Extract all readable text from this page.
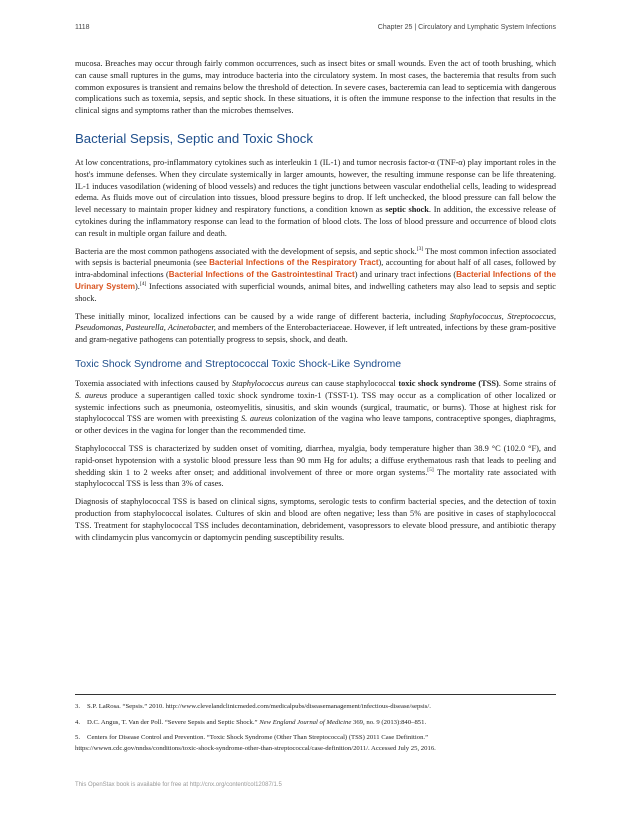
1118	Chapter 25 | Circulatory and Lymphatic System Infections

mucosa. Breaches may occur through fairly common occurrences, such as insect bites or small wounds. Even the act of tooth brushing, which can cause small ruptures in the gums, may introduce bacteria into the circulatory system. In most cases, the bacteremia that results from such common exposures is transient and remains below the threshold of detection. In severe cases, bacteremia can lead to septicemia with dangerous complications such as toxemia, sepsis, and septic shock. In these situations, it is often the immune response to the infection that results in the clinical signs and symptoms rather than the microbes themselves.

Bacterial Sepsis, Septic and Toxic Shock

At low concentrations, pro-inflammatory cytokines such as interleukin 1 (IL-1) and tumor necrosis factor-α (TNF-α) play important roles in the host's immune defenses. When they circulate systemically in larger amounts, however, the resulting immune response can be life threatening. IL-1 induces vasodilation (widening of blood vessels) and reduces the tight junctions between vascular endothelial cells, leading to widespread edema. As fluids move out of circulation into tissues, blood pressure begins to drop. If left unchecked, the blood pressure can fall below the level necessary to maintain proper kidney and respiratory functions, a condition known as septic shock. In addition, the excessive release of cytokines during the inflammatory response can lead to the formation of blood clots. The loss of blood pressure and occurrence of blood clots can result in multiple organ failure and death.

Bacteria are the most common pathogens associated with the development of sepsis, and septic shock.[3] The most common infection associated with sepsis is bacterial pneumonia (see Bacterial Infections of the Respiratory Tract), accounting for about half of all cases, followed by intra-abdominal infections (Bacterial Infections of the Gastrointestinal Tract) and urinary tract infections (Bacterial Infections of the Urinary System).[4] Infections associated with superficial wounds, animal bites, and indwelling catheters may also lead to sepsis and septic shock.

These initially minor, localized infections can be caused by a wide range of different bacteria, including Staphylococcus, Streptococcus, Pseudomonas, Pasteurella, Acinetobacter, and members of the Enterobacteriaceae. However, if left untreated, infections by these gram-positive and gram-negative pathogens can potentially progress to sepsis, shock, and death.

Toxic Shock Syndrome and Streptococcal Toxic Shock-Like Syndrome

Toxemia associated with infections caused by Staphylococcus aureus can cause staphylococcal toxic shock syndrome (TSS). Some strains of S. aureus produce a superantigen called toxic shock syndrome toxin-1 (TSST-1). TSS may occur as a complication of other localized or systemic infections such as pneumonia, osteomyelitis, sinusitis, and skin wounds (surgical, traumatic, or burns). Those at highest risk for staphylococcal TSS are women with preexisting S. aureus colonization of the vagina who leave tampons, contraceptive sponges, diaphragms, or other devices in the vagina for longer than the recommended time.

Staphylococcal TSS is characterized by sudden onset of vomiting, diarrhea, myalgia, body temperature higher than 38.9 °C (102.0 °F), and rapid-onset hypotension with a systolic blood pressure less than 90 mm Hg for adults; a diffuse erythematous rash that leads to peeling and shedding skin 1 to 2 weeks after onset; and additional involvement of three or more organ systems.[5] The mortality rate associated with staphylococcal TSS is less than 3% of cases.

Diagnosis of staphylococcal TSS is based on clinical signs, symptoms, serologic tests to confirm bacterial species, and the detection of toxin production from staphylococcal isolates. Cultures of skin and blood are often negative; less than 5% are positive in cases of staphylococcal TSS. Treatment for staphylococcal TSS includes decontamination, debridement, vasopressors to elevate blood pressure, and antibiotic therapy with clindamycin plus vancomycin or daptomycin pending susceptibility results.

3. S.P. LaRosa. “Sepsis.” 2010. http://www.clevelandclinicmeded.com/medicalpubs/diseasemanagement/infectious-disease/sepsis/.
4. D.C. Angus, T. Van der Poll. “Severe Sepsis and Septic Shock.” New England Journal of Medicine 369, no. 9 (2013):840–851.
5. Centers for Disease Control and Prevention. “Toxic Shock Syndrome (Other Than Streptococcal) (TSS) 2011 Case Definition.”
https://wwwn.cdc.gov/nndss/conditions/toxic-shock-syndrome-other-than-streptococcal/case-definition/2011/. Accessed July 25, 2016.
This OpenStax book is available for free at http://cnx.org/content/col12087/1.5
